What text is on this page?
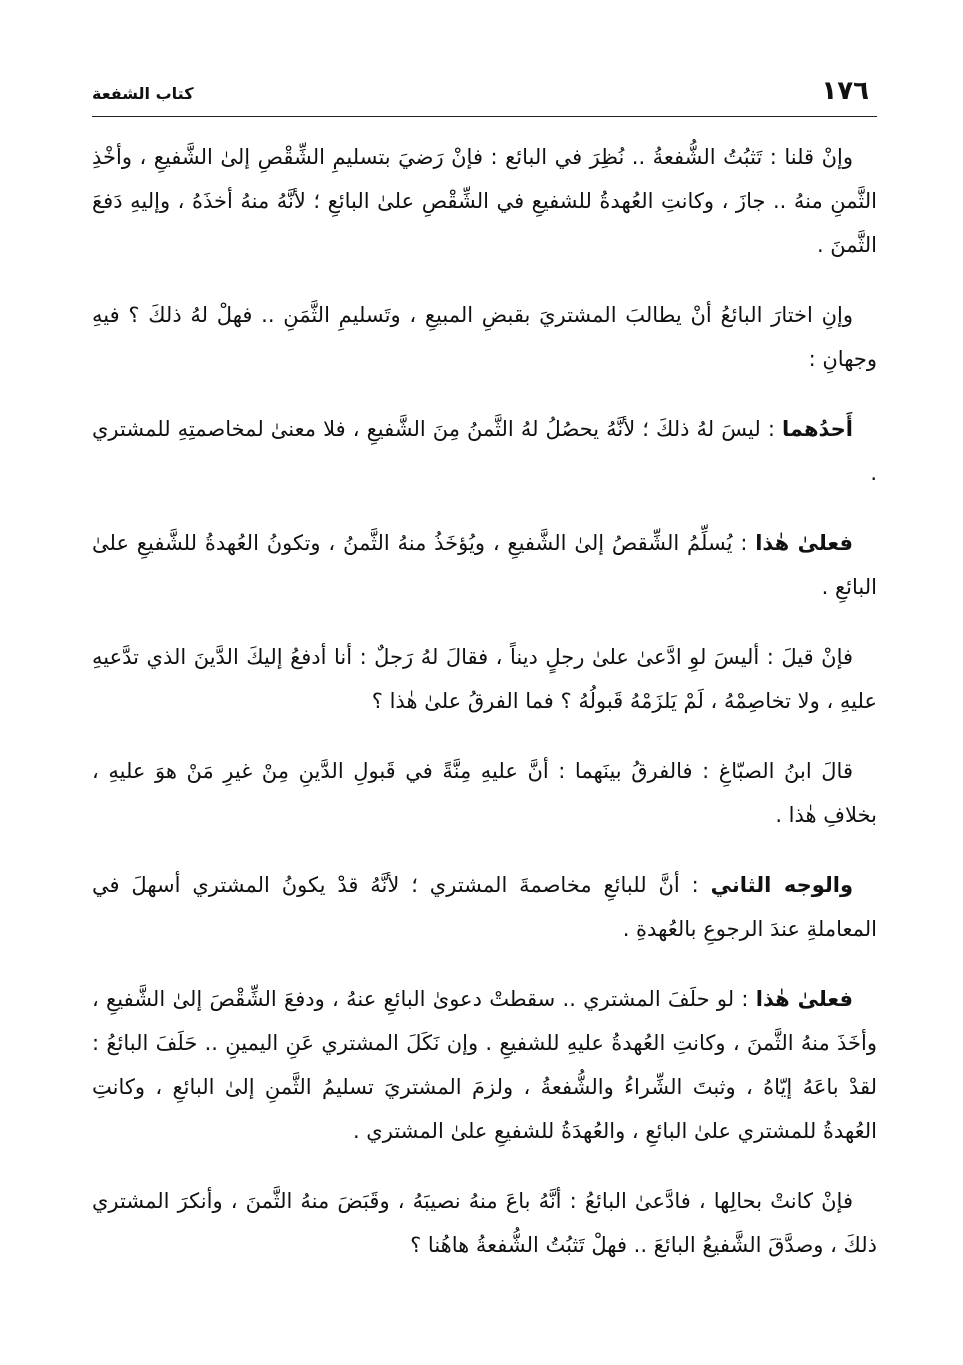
١٧٦
كتاب الشفعة

وإنْ قلنا : تَثبُتُ الشُّفعةُ .. نُظِرَ في البائع : فإنْ رَضيَ بتسليمِ الشِّقْصِ إلىٰ الشَّفيعِ ، وأخْذِ الثَّمنِ منهُ .. جازَ ، وكانتِ العُهدةُ للشفيعِ في الشِّقْصِ علىٰ البائعِ ؛ لأنَّهُ منهُ أخذَهُ ، وإليهِ دَفعَ الثَّمنَ .

وإنِ اختارَ البائعُ أنْ يطالبَ المشتريَ بقبضِ المبيعِ ، وتَسليمِ الثَّمَنِ .. فهلْ لهُ ذلكَ ؟ فيهِ وجهانِ :

أَحدُهما : ليسَ لهُ ذلكَ ؛ لأنَّهُ يحصُلُ لهُ الثَّمنُ مِنَ الشَّفيعِ ، فلا معنىٰ لمخاصمتِهِ للمشتري .

فعلىٰ هٰذا : يُسلِّمُ الشِّقصُ إلىٰ الشَّفيعِ ، ويُؤخَذُ منهُ الثَّمنُ ، وتكونُ العُهدةُ للشَّفيعِ علىٰ البائعِ .

فإنْ قيلَ : أليسَ لوِ ادَّعىٰ علىٰ رجلٍ ديناً ، فقالَ لهُ رَجلٌ : أنا أدفعُ إليكَ الدَّينَ الذي تدَّعيهِ عليهِ ، ولا تخاصِمْهُ ، لَمْ يَلزَمْهُ قَبولُهُ ؟ فما الفرقُ علىٰ هٰذا ؟

قالَ ابنُ الصبّاغِ : فالفرقُ بينَهما : أنَّ عليهِ مِنَّةً في قَبولِ الدَّينِ مِنْ غيرِ مَنْ هوَ عليهِ ، بخلافِ هٰذا .

والوجه الثاني : أنَّ للبائعِ مخاصمةَ المشتري ؛ لأنَّهُ قدْ يكونُ المشتري أسهلَ في المعاملةِ عندَ الرجوعِ بالعُهدةِ .

فعلىٰ هٰذا : لو حلَفَ المشتري .. سقطتْ دعوىٰ البائعِ عنهُ ، ودفعَ الشِّقْصَ إلىٰ الشَّفيعِ ، وأخَذَ منهُ الثَّمنَ ، وكانتِ العُهدةُ عليهِ للشفيعِ . وإن نَكَلَ المشتري عَنِ اليمينِ .. حَلَفَ البائعُ : لقدْ باعَهُ إيّاهُ ، وثبتَ الشِّراءُ والشُّفعةُ ، ولزمَ المشتريَ تسليمُ الثَّمنِ إلىٰ البائعِ ، وكانتِ العُهدةُ للمشتري علىٰ البائعِ ، والعُهدَةُ للشفيعِ علىٰ المشتري .

فإنْ كانتْ بحالِها ، فادَّعىٰ البائعُ : أنَّهُ باعَ منهُ نصيبَهُ ، وقَبَضَ منهُ الثَّمنَ ، وأنكرَ المشتري ذلكَ ، وصدَّقَ الشَّفيعُ البائعَ .. فهلْ تَثبُتُ الشُّفعةُ هاهُنا ؟
